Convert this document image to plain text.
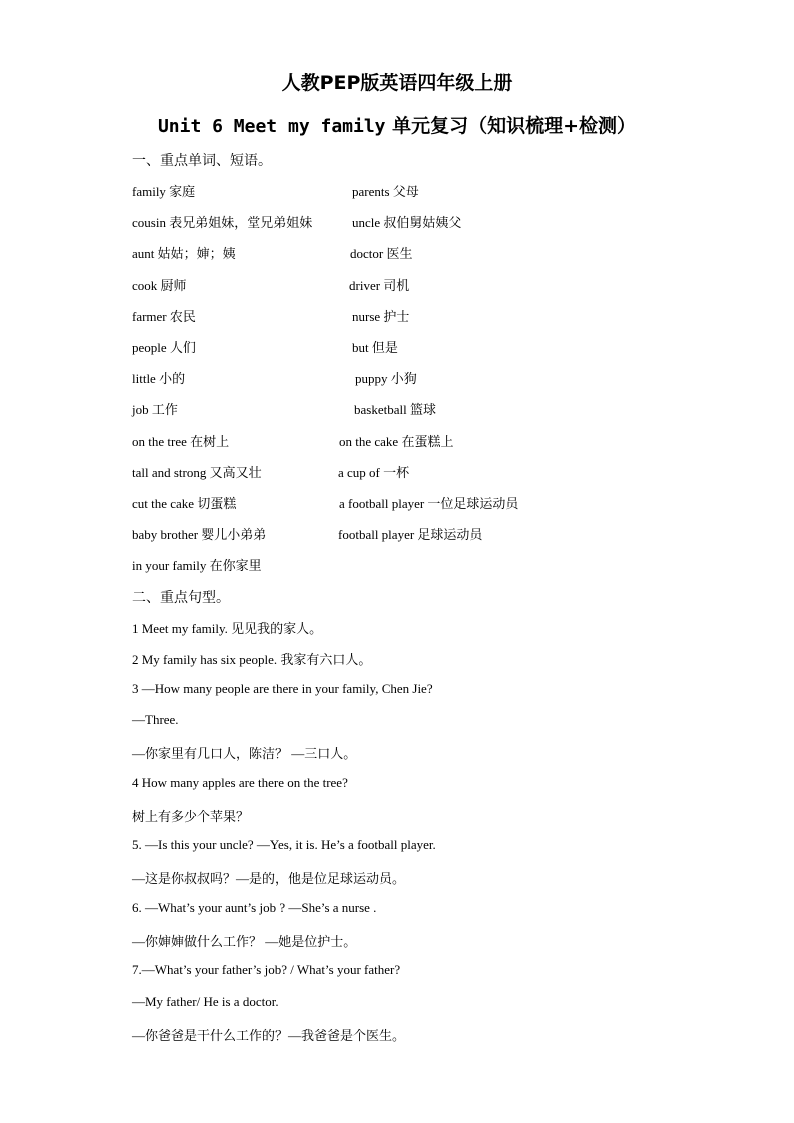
人教PEP版英语四年级上册
Unit 6 Meet my family 单元复习（知识梳理+检测）
一、重点单词、短语。
family 家庭	parents 父母
cousin 表兄弟姐妹，堂兄弟姐妹	uncle 叔伯舅姑姨父
aunt 姑姑；婶；姨	doctor 医生
cook 厨师	driver 司机
farmer 农民	nurse 护士
people 人们	but 但是
little 小的	puppy 小狗
job 工作	basketball 篮球
on the tree 在树上	on the cake 在蛋糕上
tall and strong 又高又壮	a cup of 一杯
cut the cake 切蛋糕	a football player 一位足球运动员
baby brother 婴儿小弟弟	football player 足球运动员
in your family 在你家里
二、重点句型。
1 Meet my family. 见见我的家人。
2 My family has six people. 我家有六口人。
3 —How many people are there in your family, Chen Jie?
—Three.
—你家里有几口人，陈洁？ —三口人。
4 How many apples are there on the tree?
树上有多少个苹果？
5. —Is this your uncle? —Yes, it is. He’s a football player.
—这是你叔叔吗？—是的，他是位足球运动员。
6. —What’s your aunt’s job ? —She’s a nurse .
—你婶婶做什么工作？ —她是位护士。
7.—What’s your father’s job? / What’s your father?
—My father/ He is a doctor.
—你爸爸是干什么工作的？—我爸爸是个医生。
